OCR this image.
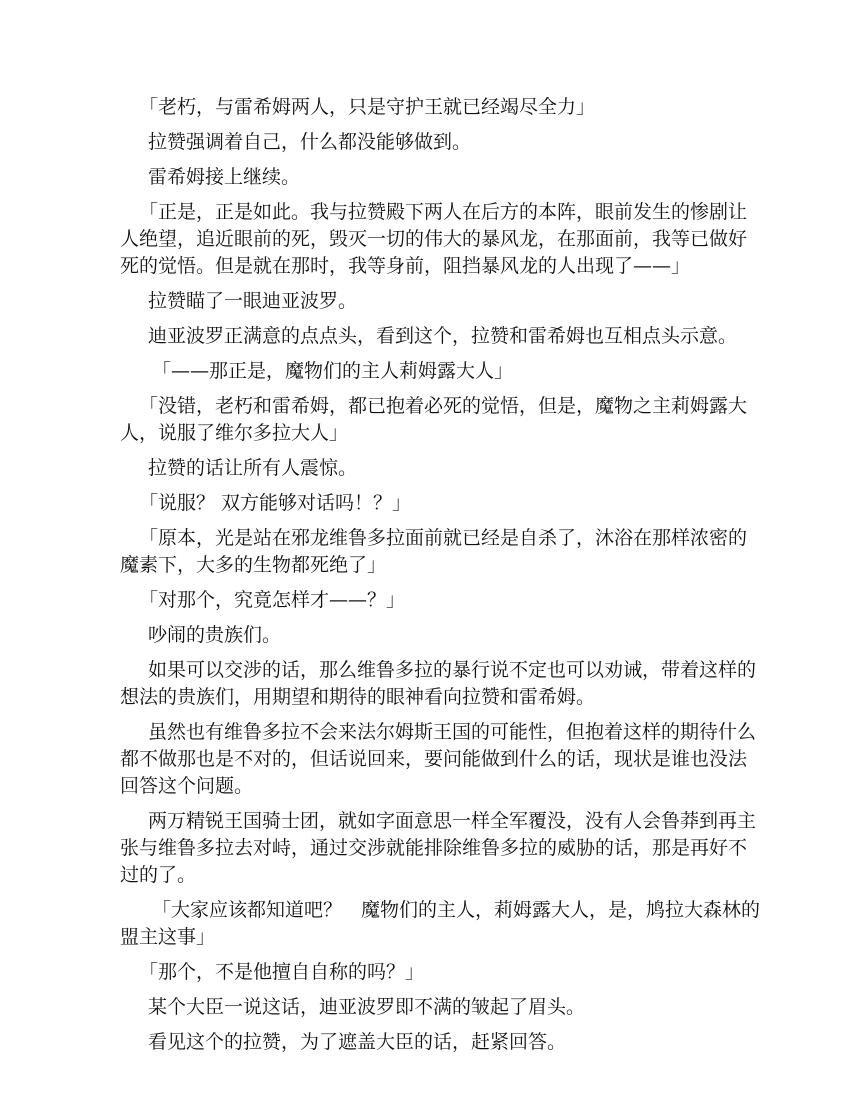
「老朽，与雷希姆两人，只是守护王就已经竭尽全力」

拉赞强调着自己，什么都没能够做到。

雷希姆接上继续。

「正是，正是如此。我与拉赞殿下两人在后方的本阵，眼前发生的惨剧让人绝望，追近眼前的死，毁灭一切的伟大的暴风龙，在那面前，我等已做好死的觉悟。但是就在那时，我等身前，阻挡暴风龙的人出现了——」

拉赞瞄了一眼迪亚波罗。

迪亚波罗正满意的点点头，看到这个，拉赞和雷希姆也互相点头示意。

「——那正是，魔物们的主人莉姆露大人」

「没错，老朽和雷希姆，都已抱着必死的觉悟，但是，魔物之主莉姆露大人，说服了维尔多拉大人」

拉赞的话让所有人震惊。

「说服？ 双方能够对话吗！？」

「原本，光是站在邪龙维鲁多拉面前就已经是自杀了，沐浴在那样浓密的魔素下，大多的生物都死绝了」

「对那个，究竟怎样才——？」

吵闹的贵族们。

如果可以交涉的话，那么维鲁多拉的暴行说不定也可以劝诫，带着这样的想法的贵族们，用期望和期待的眼神看向拉赞和雷希姆。

虽然也有维鲁多拉不会来法尔姆斯王国的可能性，但抱着这样的期待什么都不做那也是不对的，但话说回来，要问能做到什么的话，现状是谁也没法回答这个问题。

两万精锐王国骑士团，就如字面意思一样全军覆没，没有人会鲁莽到再主张与维鲁多拉去对峙，通过交涉就能排除维鲁多拉的威胁的话，那是再好不过的了。

「大家应该都知道吧？　魔物们的主人，莉姆露大人，是，鸠拉大森林的盟主这事」

「那个，不是他擅自自称的吗？」

某个大臣一说这话，迪亚波罗即不满的皱起了眉头。

看见这个的拉赞，为了遮盖大臣的话，赶紧回答。
